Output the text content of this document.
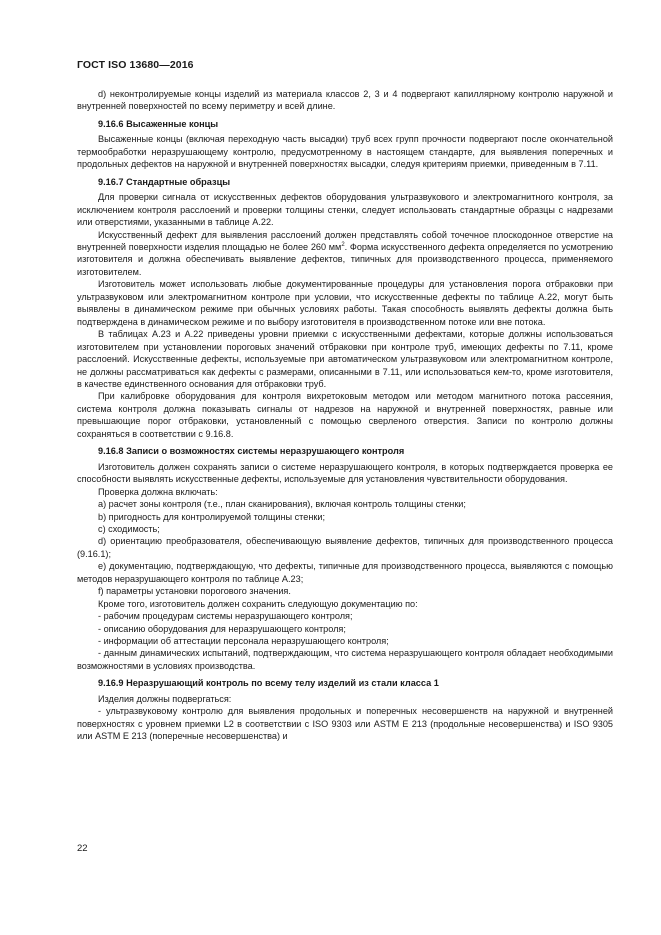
ГОСТ ISO 13680—2016

d) неконтролируемые концы изделий из материала классов 2, 3 и 4 подвергают капиллярному контролю наружной и внутренней поверхностей по всему периметру и всей длине.

9.16.6 Высаженные концы

Высаженные концы (включая переходную часть высадки) труб всех групп прочности подвергают после окончательной термообработки неразрушающему контролю, предусмотренному в настоящем стандарте, для выявления поперечных и продольных дефектов на наружной и внутренней поверхностях высадки, следуя критериям приемки, приведенным в 7.11.

9.16.7 Стандартные образцы

Для проверки сигнала от искусственных дефектов оборудования ультразвукового и электромагнитного контроля, за исключением контроля расслоений и проверки толщины стенки, следует использовать стандартные образцы с надрезами или отверстиями, указанными в таблице А.22.

Искусственный дефект для выявления расслоений должен представлять собой точечное плоскодонное отверстие на внутренней поверхности изделия площадью не более 260 $мм^2$. Форма искусственного дефекта определяется по усмотрению изготовителя и должна обеспечивать выявление дефектов, типичных для производственного процесса, применяемого изготовителем.

Изготовитель может использовать любые документированные процедуры для установления порога отбраковки при ультразвуковом или электромагнитном контроле при условии, что искусственные дефекты по таблице А.22, могут быть выявлены в динамическом режиме при обычных условиях работы. Такая способность выявлять дефекты должна быть подтверждена в динамическом режиме и по выбору изготовителя в производственном потоке или вне потока.

В таблицах А.23 и А.22 приведены уровни приемки с искусственными дефектами, которые должны использоваться изготовителем при установлении пороговых значений отбраковки при контроле труб, имеющих дефекты по 7.11, кроме расслоений. Искусственные дефекты, используемые при автоматическом ультразвуковом или электромагнитном контроле, не должны рассматриваться как дефекты с размерами, описанными в 7.11, или использоваться кем-то, кроме изготовителя, в качестве единственного основания для отбраковки труб.

При калибровке оборудования для контроля вихретоковым методом или методом магнитного потока рассеяния, система контроля должна показывать сигналы от надрезов на наружной и внутренней поверхностях, равные или превышающие порог отбраковки, установленный с помощью сверленого отверстия. Записи по контролю должны сохраняться в соответствии с 9.16.8.

9.16.8 Записи о возможностях системы неразрушающего контроля

Изготовитель должен сохранять записи о системе неразрушающего контроля, в которых подтверждается проверка ее способности выявлять искусственные дефекты, используемые для установления чувствительности оборудования.

Проверка должна включать:

a) расчет зоны контроля (т.е., план сканирования), включая контроль толщины стенки;

b) пригодность для контролируемой толщины стенки;

c) сходимость;

d) ориентацию преобразователя, обеспечивающую выявление дефектов, типичных для производственного процесса (9.16.1);

e) документацию, подтверждающую, что дефекты, типичные для производственного процесса, выявляются с помощью методов неразрушающего контроля по таблице А.23;

f) параметры установки порогового значения.

Кроме того, изготовитель должен сохранить следующую документацию по:

- рабочим процедурам системы неразрушающего контроля;

- описанию оборудования для неразрушающего контроля;

- информации об аттестации персонала неразрушающего контроля;

- данным динамических испытаний, подтверждающим, что система неразрушающего контроля обладает необходимыми возможностями в условиях производства.

9.16.9 Неразрушающий контроль по всему телу изделий из стали класса 1

Изделия должны подвергаться:

- ультразвуковому контролю для выявления продольных и поперечных несовершенств на наружной и внутренней поверхностях с уровнем приемки L2 в соответствии с ISO 9303 или ASTM E 213 (продольные несовершенства) и ISO 9305 или ASTM E 213 (поперечные несовершенства) и

22
